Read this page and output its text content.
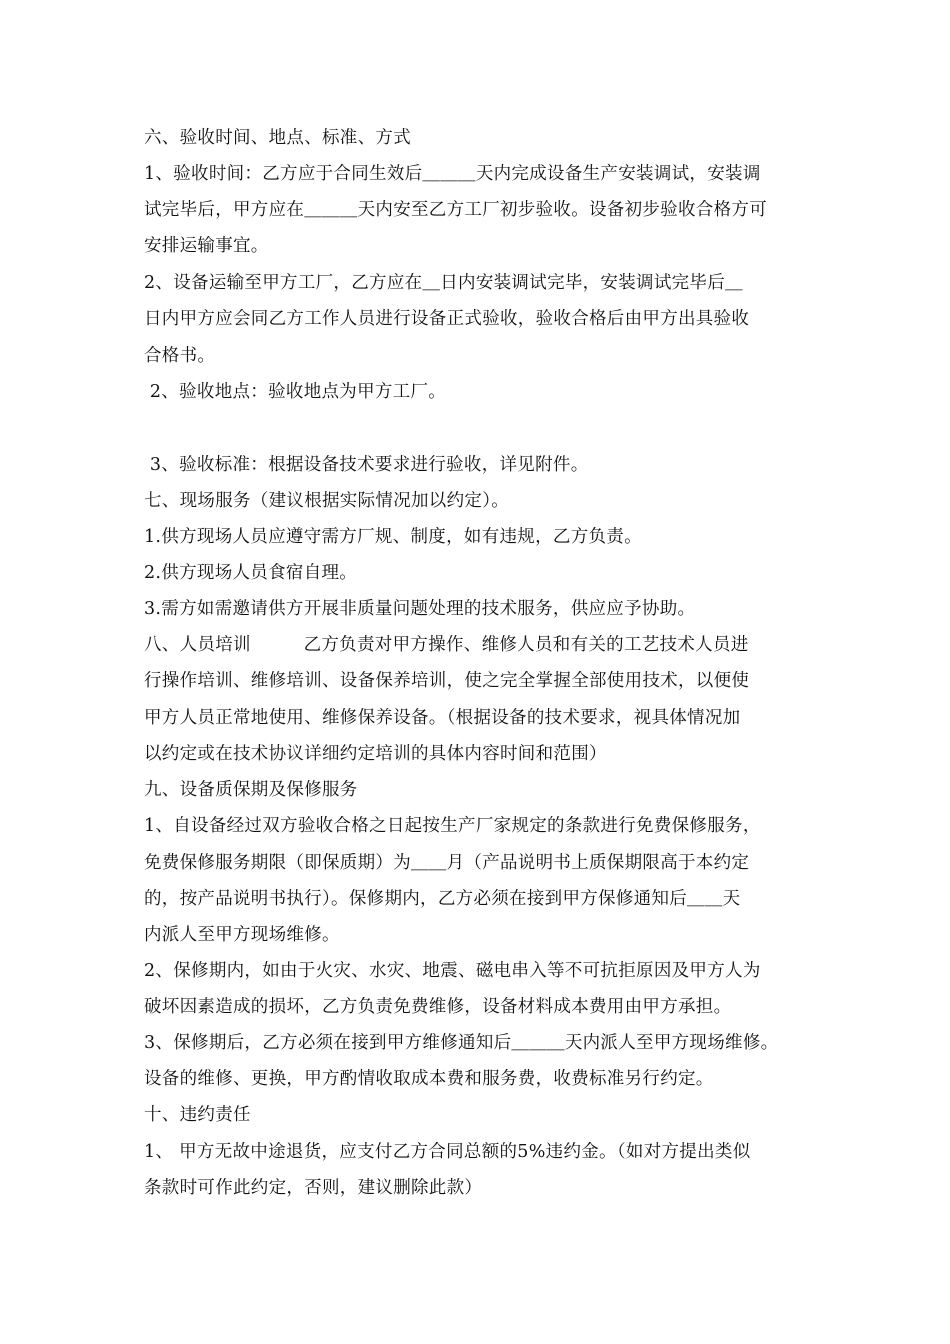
六、验收时间、地点、标准、方式
1、验收时间：乙方应于合同生效后＿＿＿天内完成设备生产安装调试，安装调
试完毕后，甲方应在＿＿＿天内安至乙方工厂初步验收。设备初步验收合格方可
安排运输事宜。
2、设备运输至甲方工厂，乙方应在＿日内安装调试完毕，安装调试完毕后＿
日内甲方应会同乙方工作人员进行设备正式验收，验收合格后由甲方出具验收
合格书。
2、验收地点：验收地点为甲方工厂。
3、验收标准：根据设备技术要求进行验收，详见附件。
七、现场服务（建议根据实际情况加以约定）。
1.供方现场人员应遵守需方厂规、制度，如有违规，乙方负责。
2.供方现场人员食宿自理。
3.需方如需邀请供方开展非质量问题处理的技术服务，供应应予协助。
八、人员培训         乙方负责对甲方操作、维修人员和有关的工艺技术人员进
行操作培训、维修培训、设备保养培训，使之完全掌握全部使用技术，以便使
甲方人员正常地使用、维修保养设备。（根据设备的技术要求，视具体情况加
以约定或在技术协议详细约定培训的具体内容时间和范围）
九、设备质保期及保修服务
1、自设备经过双方验收合格之日起按生产厂家规定的条款进行免费保修服务，
免费保修服务期限（即保质期）为＿＿月（产品说明书上质保期限高于本约定
的，按产品说明书执行）。保修期内，乙方必须在接到甲方保修通知后＿＿天
内派人至甲方现场维修。
2、保修期内，如由于火灾、水灾、地震、磁电串入等不可抗拒原因及甲方人为
破坏因素造成的损坏，乙方负责免费维修，设备材料成本费用由甲方承担。
3、保修期后，乙方必须在接到甲方维修通知后＿＿＿天内派人至甲方现场维修。
设备的维修、更换，甲方酌情收取成本费和服务费，收费标准另行约定。
十、违约责任
1、 甲方无故中途退货，应支付乙方合同总额的5%违约金。（如对方提出类似
条款时可作此约定，否则，建议删除此款）
